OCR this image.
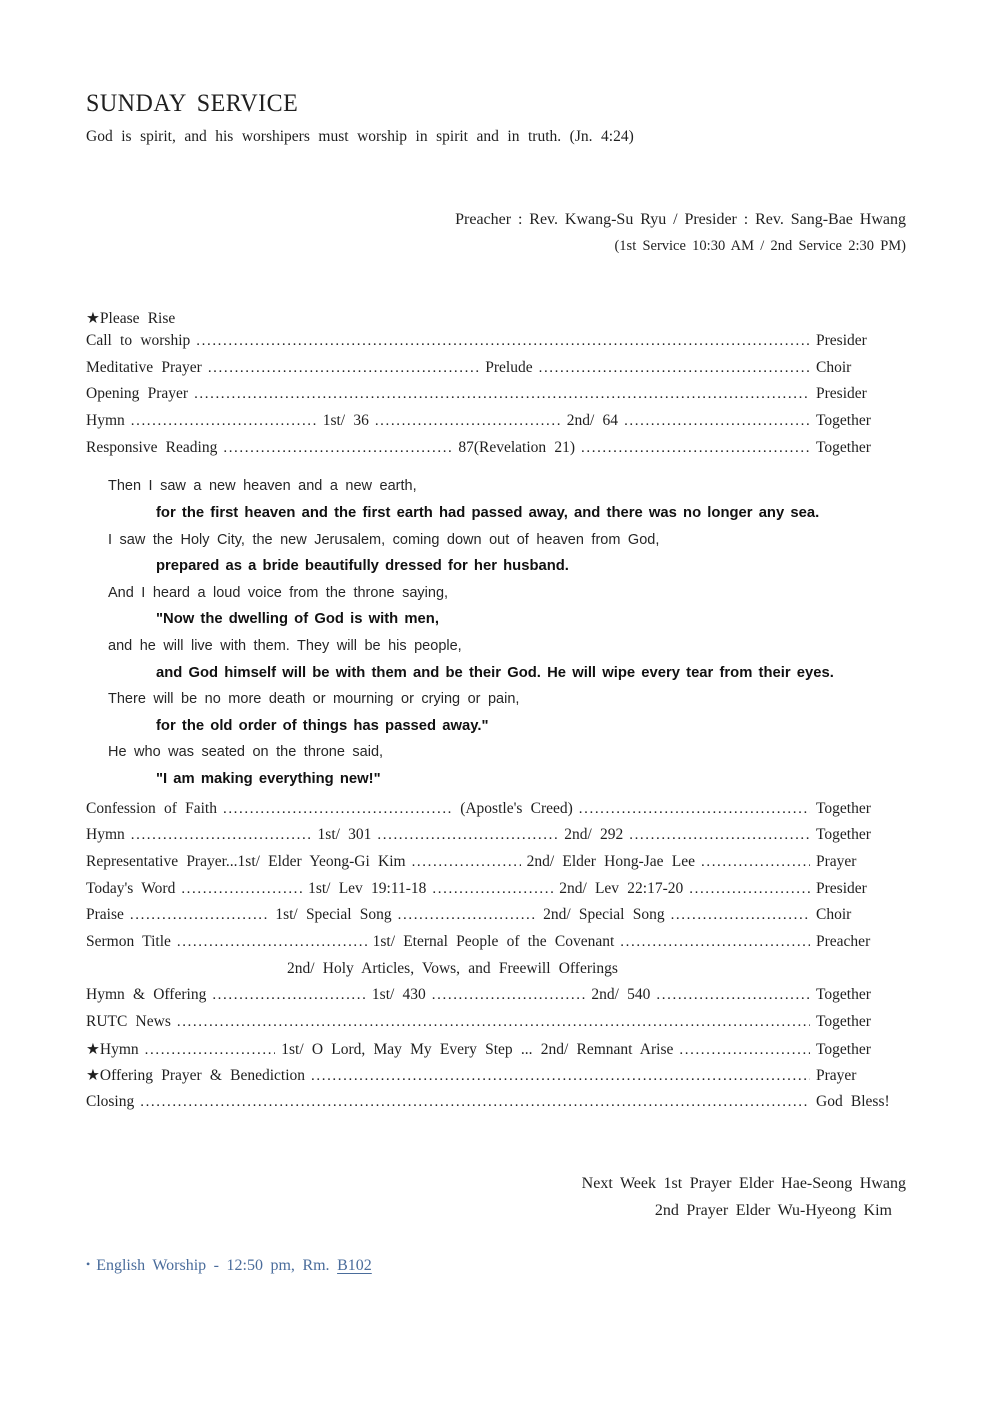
SUNDAY SERVICE
God is spirit, and his worshipers must worship in spirit and in truth. (Jn. 4:24)
Preacher : Rev. Kwang-Su Ryu / Presider : Rev. Sang-Bae Hwang
(1st Service 10:30 AM / 2nd Service 2:30 PM)
★Please Rise
Call to worship .....	Presider
Meditative Prayer .....	Prelude .....	Choir
Opening Prayer .....	Presider
Hymn .....	1st/ 36 .....	2nd/ 64 .....	Together
Responsive Reading .....	87(Revelation 21) .....	Together
Then I saw a new heaven and a new earth,
for the first heaven and the first earth had passed away, and there was no longer any sea.
I saw the Holy City, the new Jerusalem, coming down out of heaven from God,
prepared as a bride beautifully dressed for her husband.
And I heard a loud voice from the throne saying,
"Now the dwelling of God is with men,
and he will live with them. They will be his people,
and God himself will be with them and be their God. He will wipe every tear from their eyes.
There will be no more death or mourning or crying or pain,
for the old order of things has passed away."
He who was seated on the throne said,
"I am making everything new!"
Confession of Faith .....	(Apostle's Creed) .....	Together
Hymn .....	1st/ 301 .....	2nd/ 292 .....	Together
Representative Prayer... 1st/ Elder Yeong-Gi Kim .....	2nd/ Elder Hong-Jae Lee .....	Prayer
Today's Word .....	1st/ Lev 19:11-18 .....	2nd/ Lev 22:17-20 .....	Presider
Praise .....	1st/ Special Song .....	2nd/ Special Song .....	Choir
Sermon Title .....	1st/ Eternal People of the Covenant .....	Preacher
2nd/ Holy Articles, Vows, and Freewill Offerings
Hymn & Offering .....	1st/ 430 .....	2nd/ 540 .....	Together
RUTC News .....	Together
★Hymn .....	1st/ O Lord, May My Every Step ... 2nd/ Remnant Arise .....	Together
★Offering Prayer & Benediction .....	Prayer
Closing .....	God Bless!
Next Week 1st Prayer Elder Hae-Seong Hwang
2nd Prayer Elder Wu-Hyeong Kim
• English Worship - 12:50 pm, Rm. B102
